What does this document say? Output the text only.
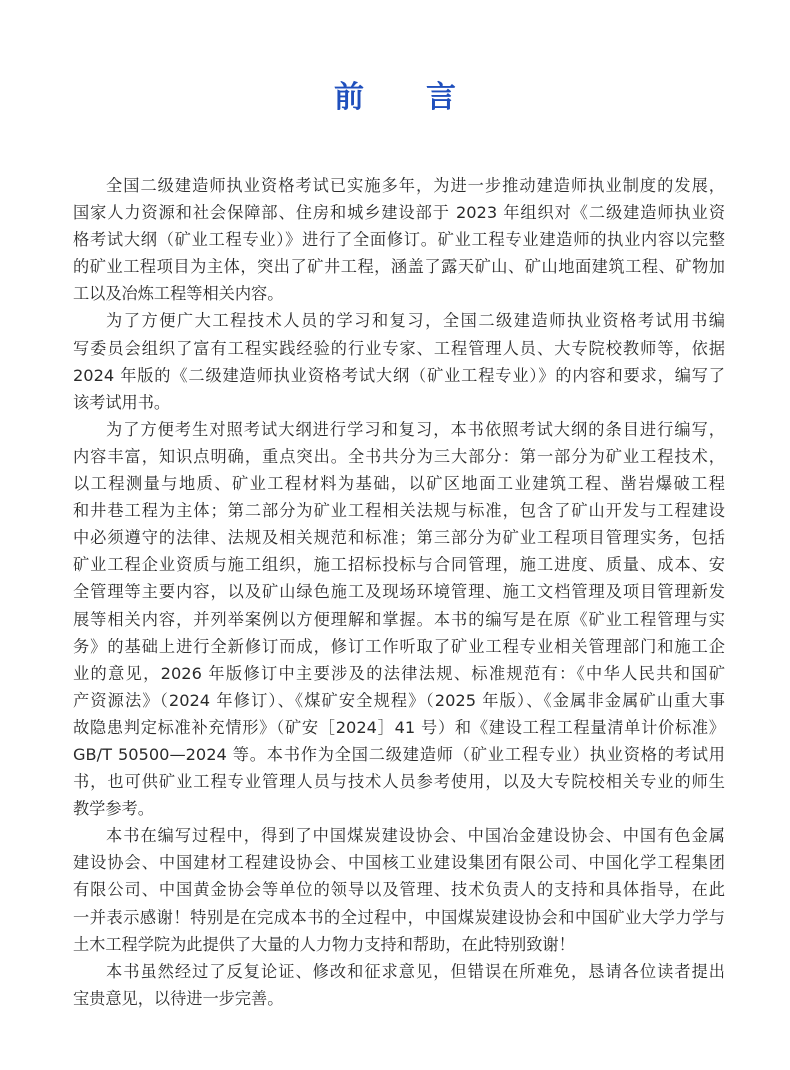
前 言
全国二级建造师执业资格考试已实施多年，为进一步推动建造师执业制度的发展，
国家人力资源和社会保障部、住房和城乡建设部于 2023 年组织对《二级建造师执业资
格考试大纲（矿业工程专业）》进行了全面修订。矿业工程专业建造师的执业内容以完整
的矿业工程项目为主体，突出了矿井工程，涵盖了露天矿山、矿山地面建筑工程、矿物加
工以及冶炼工程等相关内容。
为了方便广大工程技术人员的学习和复习，全国二级建造师执业资格考试用书编
写委员会组织了富有工程实践经验的行业专家、工程管理人员、大专院校教师等，依据
2024 年版的《二级建造师执业资格考试大纲（矿业工程专业）》的内容和要求，编写了
该考试用书。
为了方便考生对照考试大纲进行学习和复习，本书依照考试大纲的条目进行编写，
内容丰富，知识点明确，重点突出。全书共分为三大部分：第一部分为矿业工程技术，
以工程测量与地质、矿业工程材料为基础，以矿区地面工业建筑工程、凿岩爆破工程
和井巷工程为主体；第二部分为矿业工程相关法规与标准，包含了矿山开发与工程建设
中必须遵守的法律、法规及相关规范和标准；第三部分为矿业工程项目管理实务，包括
矿业工程企业资质与施工组织，施工招标投标与合同管理，施工进度、质量、成本、安
全管理等主要内容，以及矿山绿色施工及现场环境管理、施工文档管理及项目管理新发
展等相关内容，并列举案例以方便理解和掌握。本书的编写是在原《矿业工程管理与实
务》的基础上进行全新修订而成，修订工作听取了矿业工程专业相关管理部门和施工企
业的意见，2026 年版修订中主要涉及的法律法规、标准规范有：《中华人民共和国矿
产资源法》（2024 年修订）、《煤矿安全规程》（2025 年版）、《金属非金属矿山重大事
故隐患判定标准补充情形》（矿安［2024］41 号）和《建设工程工程量清单计价标准》
GB/T 50500—2024 等。本书作为全国二级建造师（矿业工程专业）执业资格的考试用
书，也可供矿业工程专业管理人员与技术人员参考使用，以及大专院校相关专业的师生
教学参考。
本书在编写过程中，得到了中国煤炭建设协会、中国冶金建设协会、中国有色金属
建设协会、中国建材工程建设协会、中国核工业建设集团有限公司、中国化学工程集团
有限公司、中国黄金协会等单位的领导以及管理、技术负责人的支持和具体指导，在此
一并表示感谢！特别是在完成本书的全过程中，中国煤炭建设协会和中国矿业大学力学与
土木工程学院为此提供了大量的人力物力支持和帮助，在此特别致谢！
本书虽然经过了反复论证、修改和征求意见，但错误在所难免，恳请各位读者提出
宝贵意见，以待进一步完善。
